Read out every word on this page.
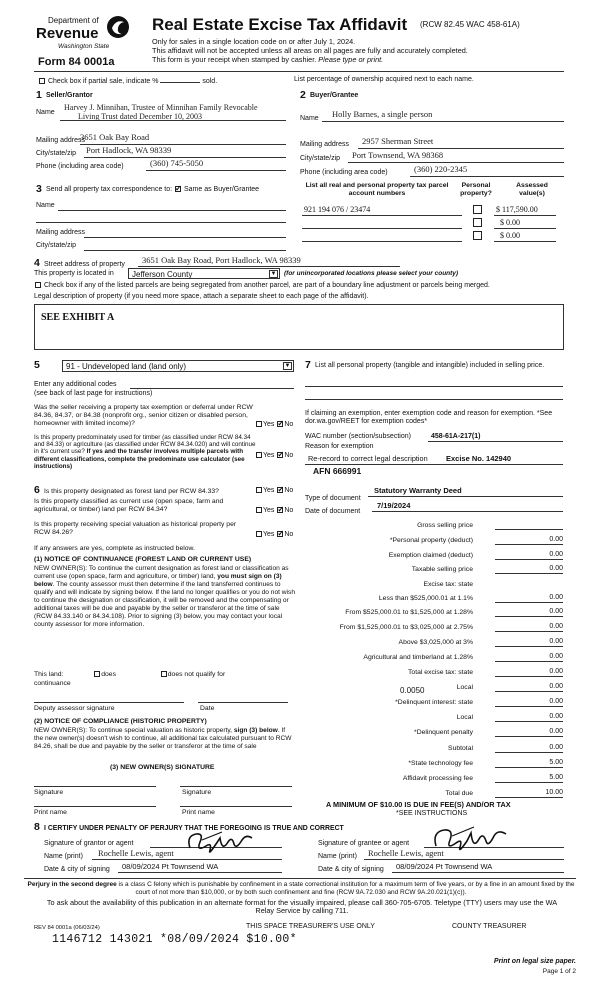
Department of
Revenue
Washington State
Form 84 0001a
Real Estate Excise Tax Affidavit (RCW 82.45 WAC 458-61A)
Only for sales in a single location code on or after July 1, 2024.
This affidavit will not be accepted unless all areas on all pages are fully and accurately completed.
This form is your receipt when stamped by cashier. Please type or print.
Check box if partial sale, indicate %	sold.	List percentage of ownership acquired next to each name.
1 Seller/Grantor
Name
Harvey J. Minnihan, Trustee of Minnihan Family Revocable
Living Trust dated December 10, 2003
Mailing address
3651 Oak Bay Road
City/state/zip Port Hadlock, WA 98339
Phone (including area code)	(360) 745-5050
2 Buyer/Grantee
Name Holly Barnes, a single person
Mailing address 2957 Sherman Street
City/state/zip Port Townsend, WA 98368
Phone (including area code)	(360) 220-2345
3 Send all property tax correspondence to: ✓ Same as Buyer/Grantee
Name
Mailing address
City/state/zip
List all real and personal property tax parcel account numbers
Personal property?
Assessed value(s)
921 194 076 / 23474	$ 117,590.00
$ 0.00
$ 0.00
4 Street address of property 3651 Oak Bay Road, Port Hadlock, WA 98339
This property is located in	Jefferson County	▼ (for unincorporated locations please select your county)
Check box if any of the listed parcels are being segregated from another parcel, are part of a boundary line adjustment or parcels being merged.
Legal description of property (if you need more space, attach a separate sheet to each page of the affidavit).
SEE EXHIBIT A
5	91 - Undeveloped land (land only)	▼
Enter any additional codes
(see back of last page for instructions)
Was the seller receiving a property tax exemption or deferral under RCW 84.36, 84.37, or 84.38 (nonprofit org., senior citizen or disabled person, homeowner with limited income)?	Yes ✓ No
Is this property predominately used for timber (as classified under RCW 84.34 and 84.33) or agriculture (as classified under RCW 84.34.020) and will continue in it's current use? If yes and the transfer involves multiple parcels with different classifications, complete the predominate use calculator (see instructions)
Yes ✓ No
6 Is this property designated as forest land per RCW 84.33?	Yes ✓ No
Is this property classified as current use (open space, farm and agricultural, or timber) land per RCW 84.34?	Yes ✓ No
Is this property receiving special valuation as historical property per RCW 84.26?	Yes ✓ No
If any answers are yes, complete as instructed below.
(1) NOTICE OF CONTINUANCE (FOREST LAND OR CURRENT USE)
NEW OWNER(S): To continue the current designation as forest land or classification as current use (open space, farm and agriculture, or timber) land, you must sign on (3) below. The county assessor must then determine if the land transferred continues to qualify and will indicate by signing below. If the land no longer qualifies or you do not wish to continue the designation or classification, it will be removed and the compensating or additional taxes will be due and payable by the seller or transferor at the time of sale (RCW 84.33.140 or 84.34.108). Prior to signing (3) below, you may contact your local county assessor for more information.
This land:	does	does not qualify for
continuance
Deputy assessor signature	Date
(2) NOTICE OF COMPLIANCE (HISTORIC PROPERTY)
NEW OWNER(S): To continue special valuation as historic property, sign (3) below. If the new owner(s) doesn't wish to continue, all additional tax calculated pursuant to RCW 84.26, shall be due and payable by the seller or transferor at the time of sale
(3) NEW OWNER(S) SIGNATURE
Signature	Signature
Print name	Print name
7 List all personal property (tangible and intangible) included in selling price.
If claiming an exemption, enter exemption code and reason for exemption. *See dor.wa.gov/REET for exemption codes*
WAC number (section/subsection)	458-61A-217(1)
Reason for exemption
Re-record to correct legal description Excise No. 142940
AFN 666991
Type of document
Statutory Warranty Deed
Date of document
7/19/2024
Gross selling price
*Personal property (deduct)	0.00
Exemption claimed (deduct)	0.00
Taxable selling price	0.00
Excise tax: state
Less than $525,000.01 at 1.1%	0.00
From $525,000.01 to $1,525,000 at 1.28%	0.00
From $1,525,000.01 to $3,025,000 at 2.75%	0.00
Above $3,025,000 at 3%	0.00
Agricultural and timberland at 1.28%	0.00
Total excise tax: state	0.00
Local	0.00
*Delinquent interest: state	0.00
Local	0.00
*Delinquent penalty	0.00
Subtotal	0.00
*State technology fee	5.00
Affidavit processing fee	5.00
Total due	10.00
0.0050
A MINIMUM OF $10.00 IS DUE IN FEE(S) AND/OR TAX
*SEE INSTRUCTIONS
8 I CERTIFY UNDER PENALTY OF PERJURY THAT THE FOREGOING IS TRUE AND CORRECT
Signature of grantor or agent
Name (print) Rochelle Lewis, agent
Date & city of signing 08/09/2024 Pt Townsend WA
Signature of grantee or agent
Name (print) Rochelle Lewis, agent
Date & city of signing 08/09/2024 Pt Townsend WA
Perjury in the second degree is a class C felony which is punishable by confinement in a state correctional institution for a maximum term of five years, or by a fine in an amount fixed by the court of not more than $10,000, or by both such confinement and fine (RCW 9A.72.030 and RCW 9A.20.021(1)(c)).
To ask about the availability of this publication in an alternate format for the visually impaired, please call 360-705-6705. Teletype (TTY) users may use the WA Relay Service by calling 711.
REV 84 0001a (06/03/24)	THIS SPACE TREASURER'S USE ONLY	COUNTY TREASURER
1146712 143021 *08/09/2024 $10.00*
Print on legal size paper.
Page 1 of 2
